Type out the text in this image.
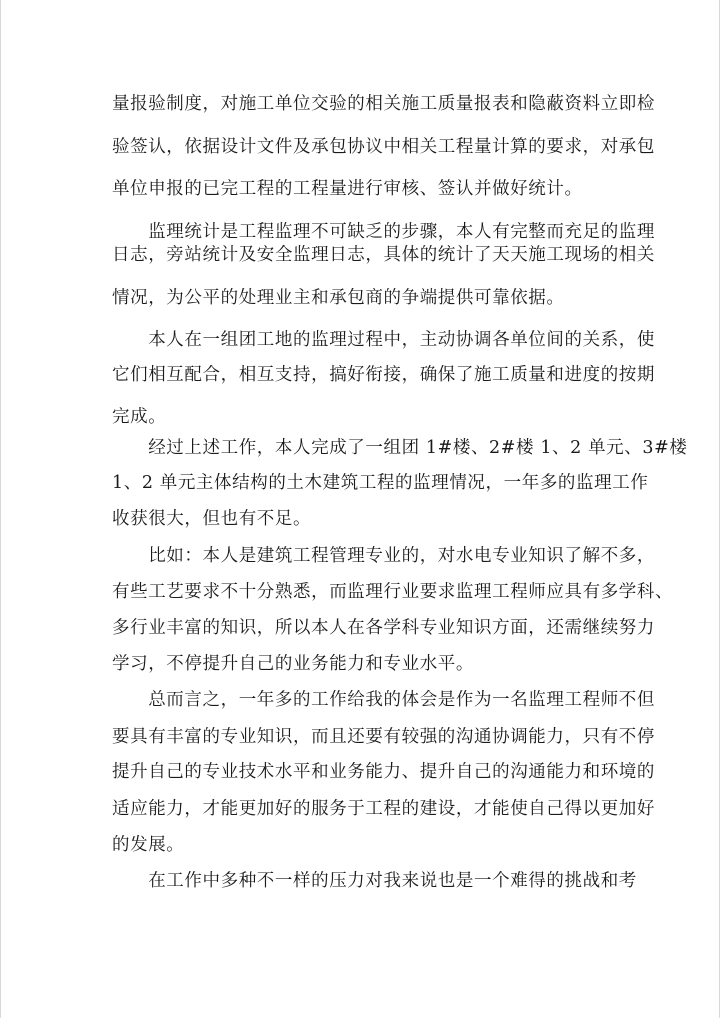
量报验制度，对施工单位交验的相关施工质量报表和隐蔽资料立即检
验签认，依据设计文件及承包协议中相关工程量计算的要求，对承包
单位申报的已完工程的工程量进行审核、签认并做好统计。
　　监理统计是工程监理不可缺乏的步骤，本人有完整而充足的监理
日志，旁站统计及安全监理日志，具体的统计了天天施工现场的相关
情况，为公平的处理业主和承包商的争端提供可靠依据。
　　本人在一组团工地的监理过程中，主动协调各单位间的关系，使
它们相互配合，相互支持，搞好衔接，确保了施工质量和进度的按期
完成。
　　经过上述工作，本人完成了一组团 1#楼、2#楼 1、2 单元、3#楼
1、2 单元主体结构的土木建筑工程的监理情况，一年多的监理工作
收获很大，但也有不足。
　　比如：本人是建筑工程管理专业的，对水电专业知识了解不多，
有些工艺要求不十分熟悉，而监理行业要求监理工程师应具有多学科、
多行业丰富的知识，所以本人在各学科专业知识方面，还需继续努力
学习，不停提升自己的业务能力和专业水平。
　　总而言之，一年多的工作给我的体会是作为一名监理工程师不但
要具有丰富的专业知识，而且还要有较强的沟通协调能力，只有不停
提升自己的专业技术水平和业务能力、提升自己的沟通能力和环境的
适应能力，才能更加好的服务于工程的建设，才能使自己得以更加好
的发展。
　　在工作中多种不一样的压力对我来说也是一个难得的挑战和考
